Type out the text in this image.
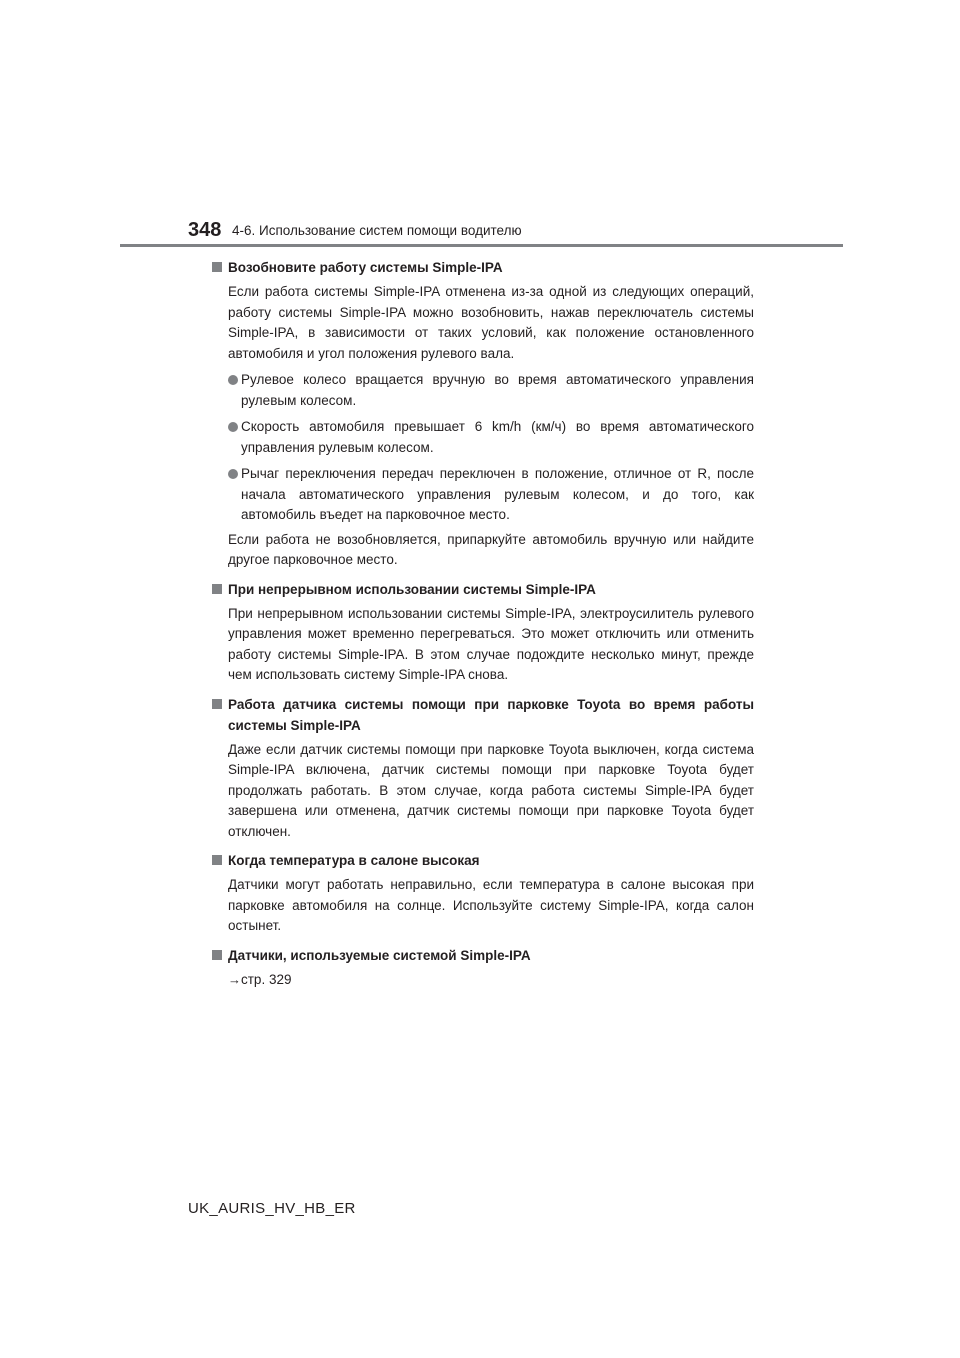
348 4-6. Использование систем помощи водителю
Возобновите работу системы Simple-IPA
Если работа системы Simple-IPA отменена из-за одной из следующих операций, работу системы Simple-IPA можно возобновить, нажав переключатель системы Simple-IPA, в зависимости от таких условий, как положение остановленного автомобиля и угол положения рулевого вала.
Рулевое колесо вращается вручную во время автоматического управления рулевым колесом.
Скорость автомобиля превышает 6 km/h (км/ч) во время автоматического управления рулевым колесом.
Рычаг переключения передач переключен в положение, отличное от R, после начала автоматического управления рулевым колесом, и до того, как автомобиль въедет на парковочное место.
Если работа не возобновляется, припаркуйте автомобиль вручную или найдите другое парковочное место.
При непрерывном использовании системы Simple-IPA
При непрерывном использовании системы Simple-IPA, электроусилитель рулевого управления может временно перегреваться. Это может отключить или отменить работу системы Simple-IPA. В этом случае подождите несколько минут, прежде чем использовать систему Simple-IPA снова.
Работа датчика системы помощи при парковке Toyota во время работы системы Simple-IPA
Даже если датчик системы помощи при парковке Toyota выключен, когда система Simple-IPA включена, датчик системы помощи при парковке Toyota будет продолжать работать. В этом случае, когда работа системы Simple-IPA будет завершена или отменена, датчик системы помощи при парковке Toyota будет отключен.
Когда температура в салоне высокая
Датчики могут работать неправильно, если температура в салоне высокая при парковке автомобиля на солнце. Используйте систему Simple-IPA, когда салон остынет.
Датчики, используемые системой Simple-IPA
→стр. 329
UK_AURIS_HV_HB_ER
